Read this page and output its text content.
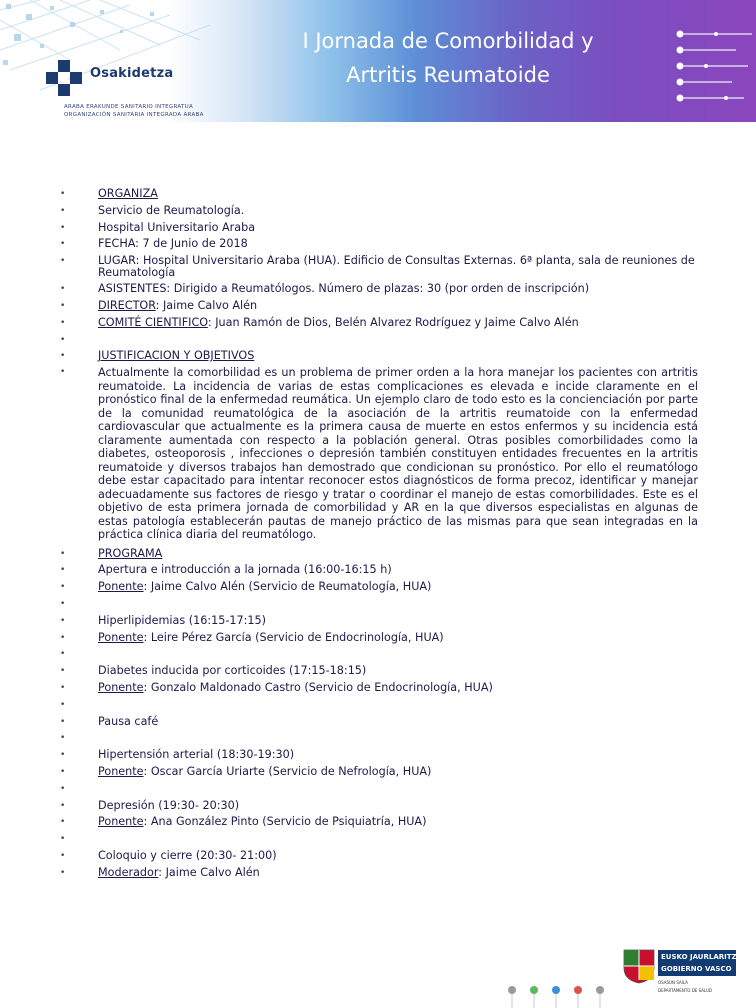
I Jornada de Comorbilidad y
Artritis Reumatoide
Osakidetza
ARABA ERAKUNDE SANITARIO INTEGRATUA
ORGANIZACIÓN SANITARIA INTEGRADA ARABA
•	ORGANIZA
•	Servicio de Reumatología.
•	Hospital Universitario Araba
•	FECHA: 7 de Junio de 2018
•	LUGAR: Hospital Universitario Araba (HUA). Edificio de Consultas Externas. 6ª planta, sala de reuniones de Reumatología
•	ASISTENTES: Dirigido a Reumatólogos. Número de plazas: 30 (por orden de inscripción)
•	DIRECTOR: Jaime Calvo Alén
•	COMITÉ CIENTIFICO: Juan Ramón de Dios, Belén Alvarez Rodríguez y Jaime Calvo Alén
•
•	JUSTIFICACION Y OBJETIVOS
•	Actualmente la comorbilidad es un problema de primer orden a la hora manejar los pacientes con artritis reumatoide. La incidencia de varias de estas complicaciones es elevada e incide claramente en el pronóstico final de la enfermedad reumática. Un ejemplo claro de todo esto es la concienciación por parte de la comunidad reumatológica de la asociación de la artritis reumatoide con la enfermedad cardiovascular que actualmente es la primera causa de muerte en estos enfermos y su incidencia está claramente aumentada con respecto a la población general. Otras posibles comorbilidades como la diabetes, osteoporosis , infecciones o depresión también constituyen entidades frecuentes en la artritis reumatoide y diversos trabajos han demostrado que condicionan su pronóstico. Por ello el reumatólogo debe estar capacitado para intentar reconocer estos diagnósticos de forma precoz, identificar y manejar adecuadamente sus factores de riesgo y tratar o coordinar el manejo de estas comorbilidades. Este es el objetivo de esta primera jornada de comorbilidad y AR en la que diversos especialistas en algunas de estas patología establecerán pautas de manejo práctico de las mismas para que sean integradas en la práctica clínica diaria del reumatólogo.
•	PROGRAMA
•	Apertura e introducción a la jornada (16:00-16:15 h)
•	Ponente: Jaime Calvo Alén (Servicio de Reumatología, HUA)
•
•	Hiperlipidemias (16:15-17:15)
•	Ponente: Leire Pérez García (Servicio de Endocrinología, HUA)
•
•	Diabetes inducida por corticoides (17:15-18:15)
•	Ponente: Gonzalo Maldonado Castro (Servicio de Endocrinología, HUA)
•
•	Pausa café
•
•	Hipertensión arterial (18:30-19:30)
•	Ponente: Oscar García Uriarte (Servicio de Nefrología, HUA)
•
•	Depresión (19:30- 20:30)
•	Ponente: Ana González Pinto (Servicio de Psiquiatría, HUA)
•
•	Coloquio y cierre (20:30- 21:00)
•	Moderador: Jaime Calvo Alén
EUSKO JAURLARITZA
GOBIERNO VASCO
OSASUN SAILA
DEPARTAMENTO DE SALUD
